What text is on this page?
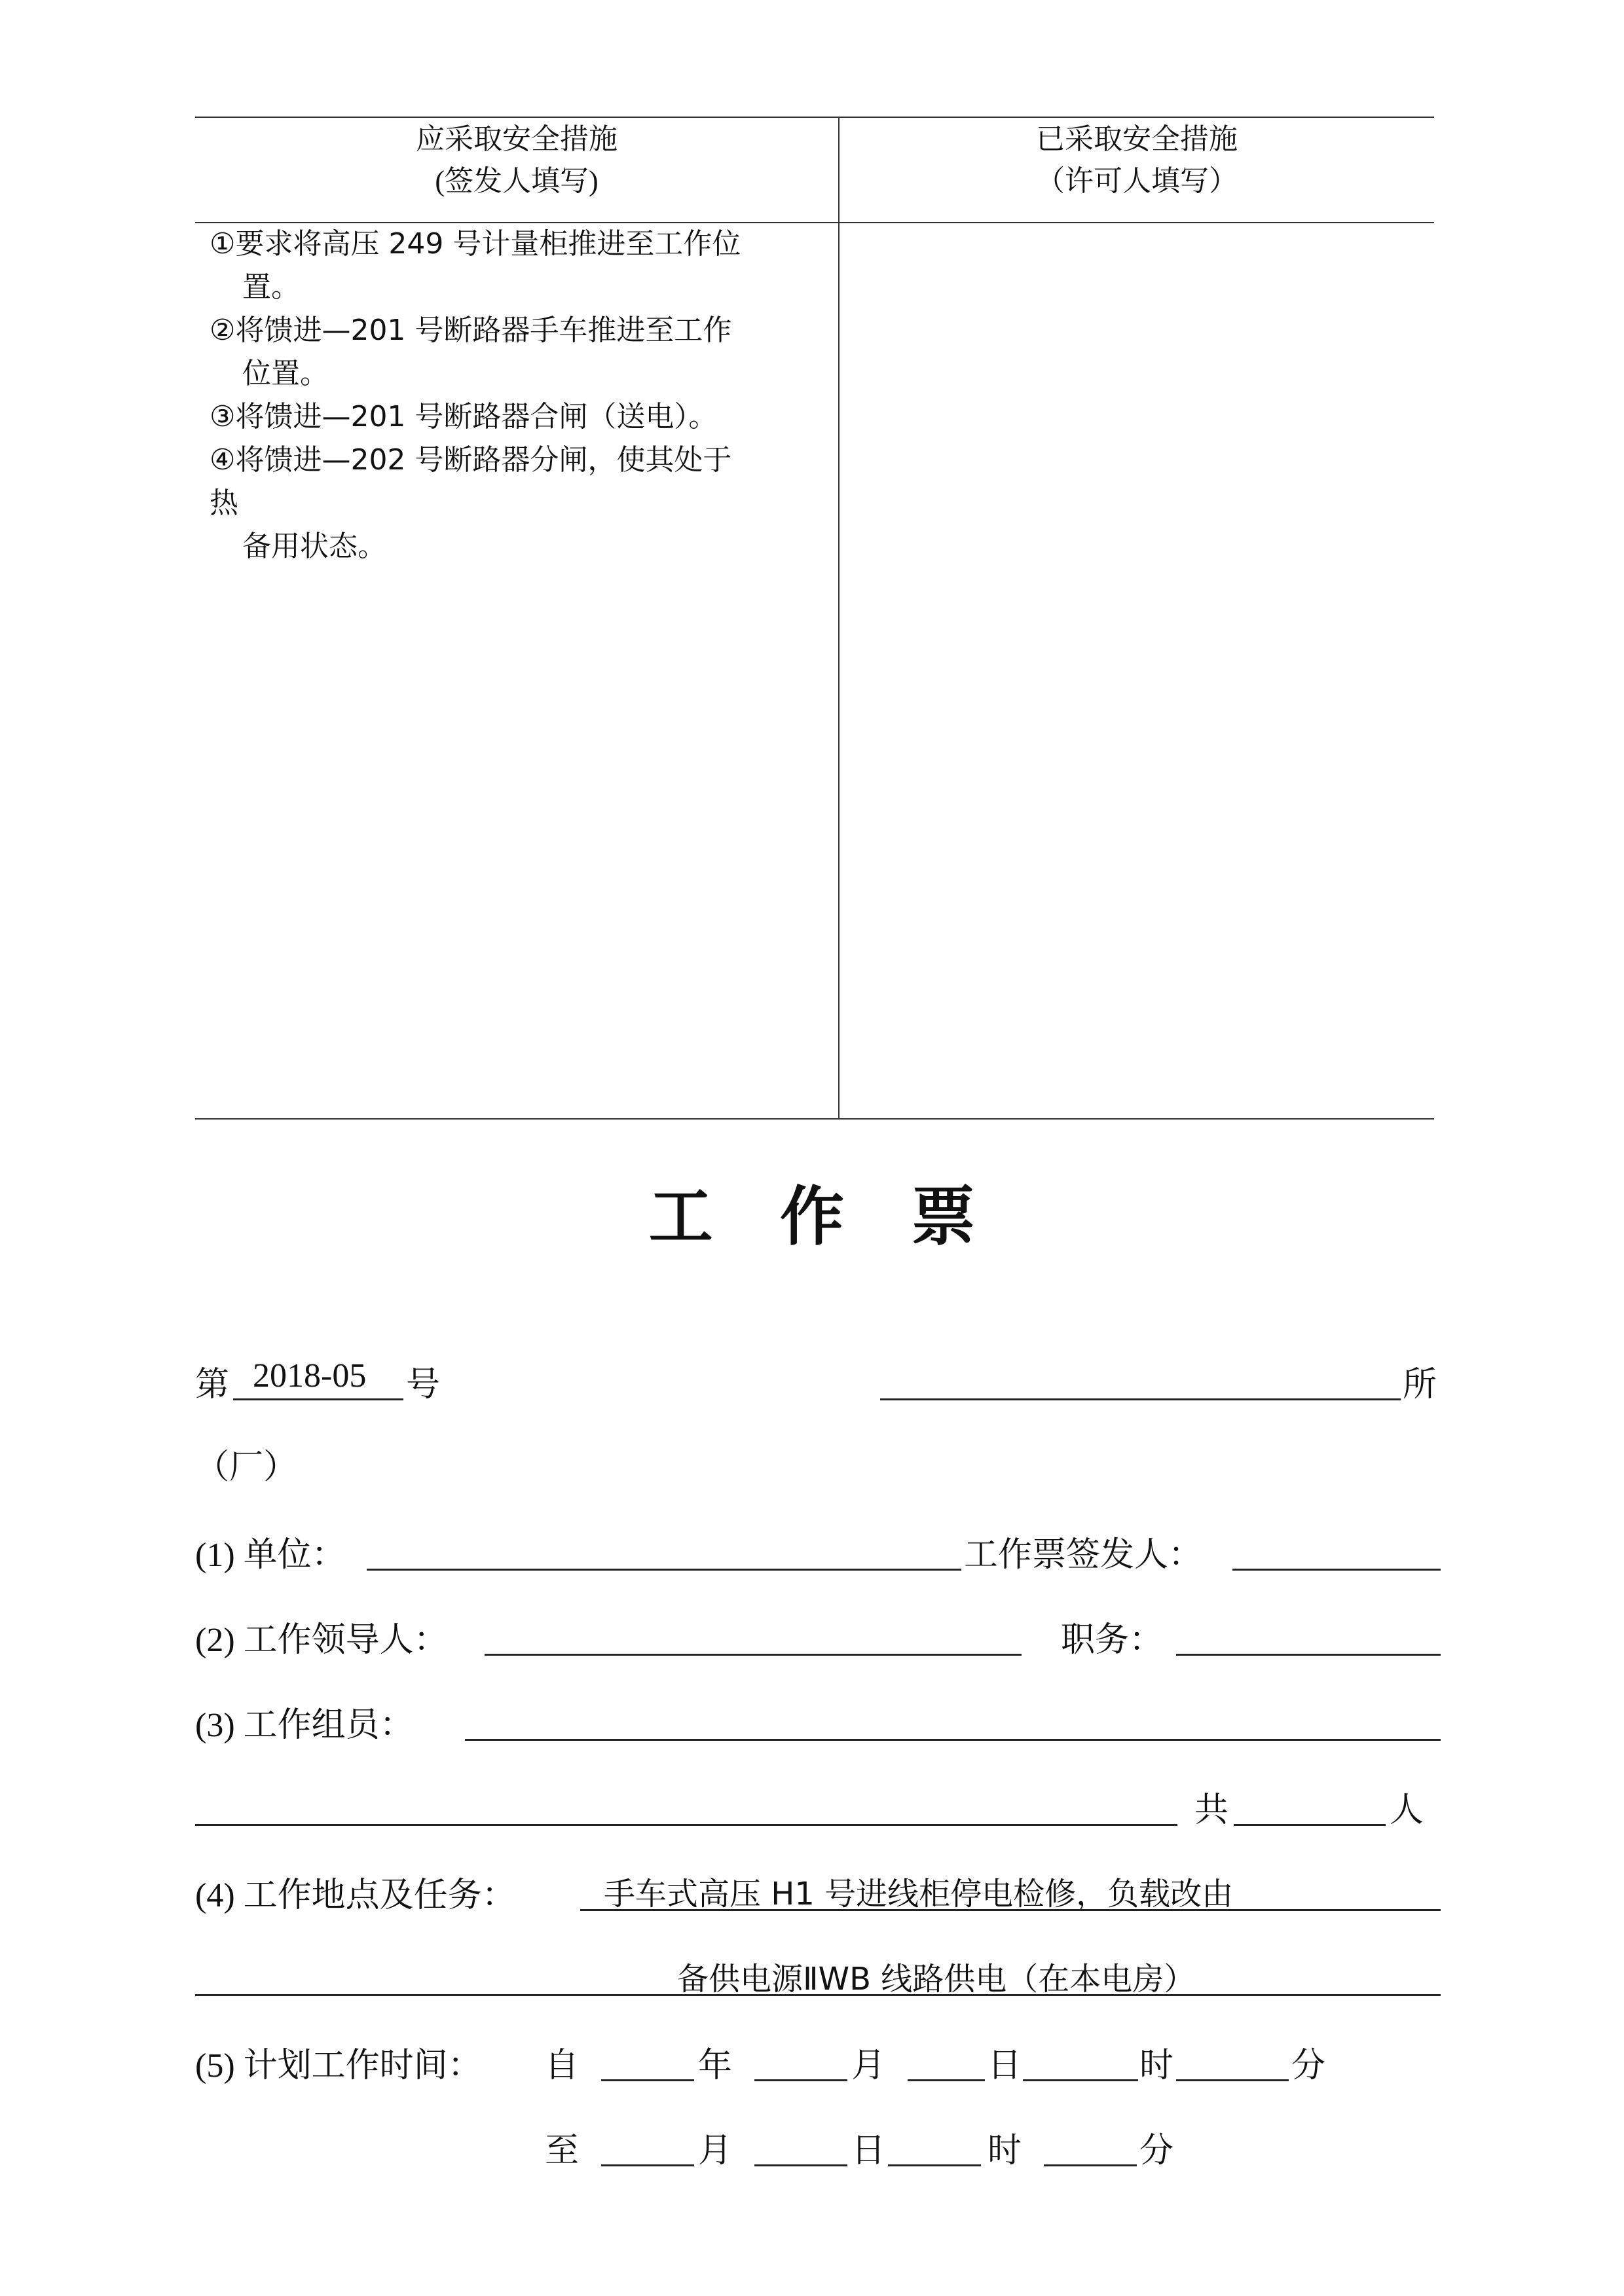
应采取安全措施
(签发人填写)
已采取安全措施
（许可人填写）
①要求将高压 249 号计量柜推进至工作位
置。
②将馈进—201 号断路器手车推进至工作
位置。
③将馈进—201 号断路器合闸（送电）。
④将馈进—202 号断路器分闸，使其处于
热
备用状态。
工   作   票
第 2018-05 号	所
（厂）
(1) 单位：	工作票签发人：
(2) 工作领导人：	职务：
(3) 工作组员：
共	人
(4) 工作地点及任务：	手车式高压 H1 号进线柜停电检修，负载改由
备供电源ⅡWB 线路供电（在本电房）
(5) 计划工作时间： 自	年	月	日	时	分
至	月	日	时	分
